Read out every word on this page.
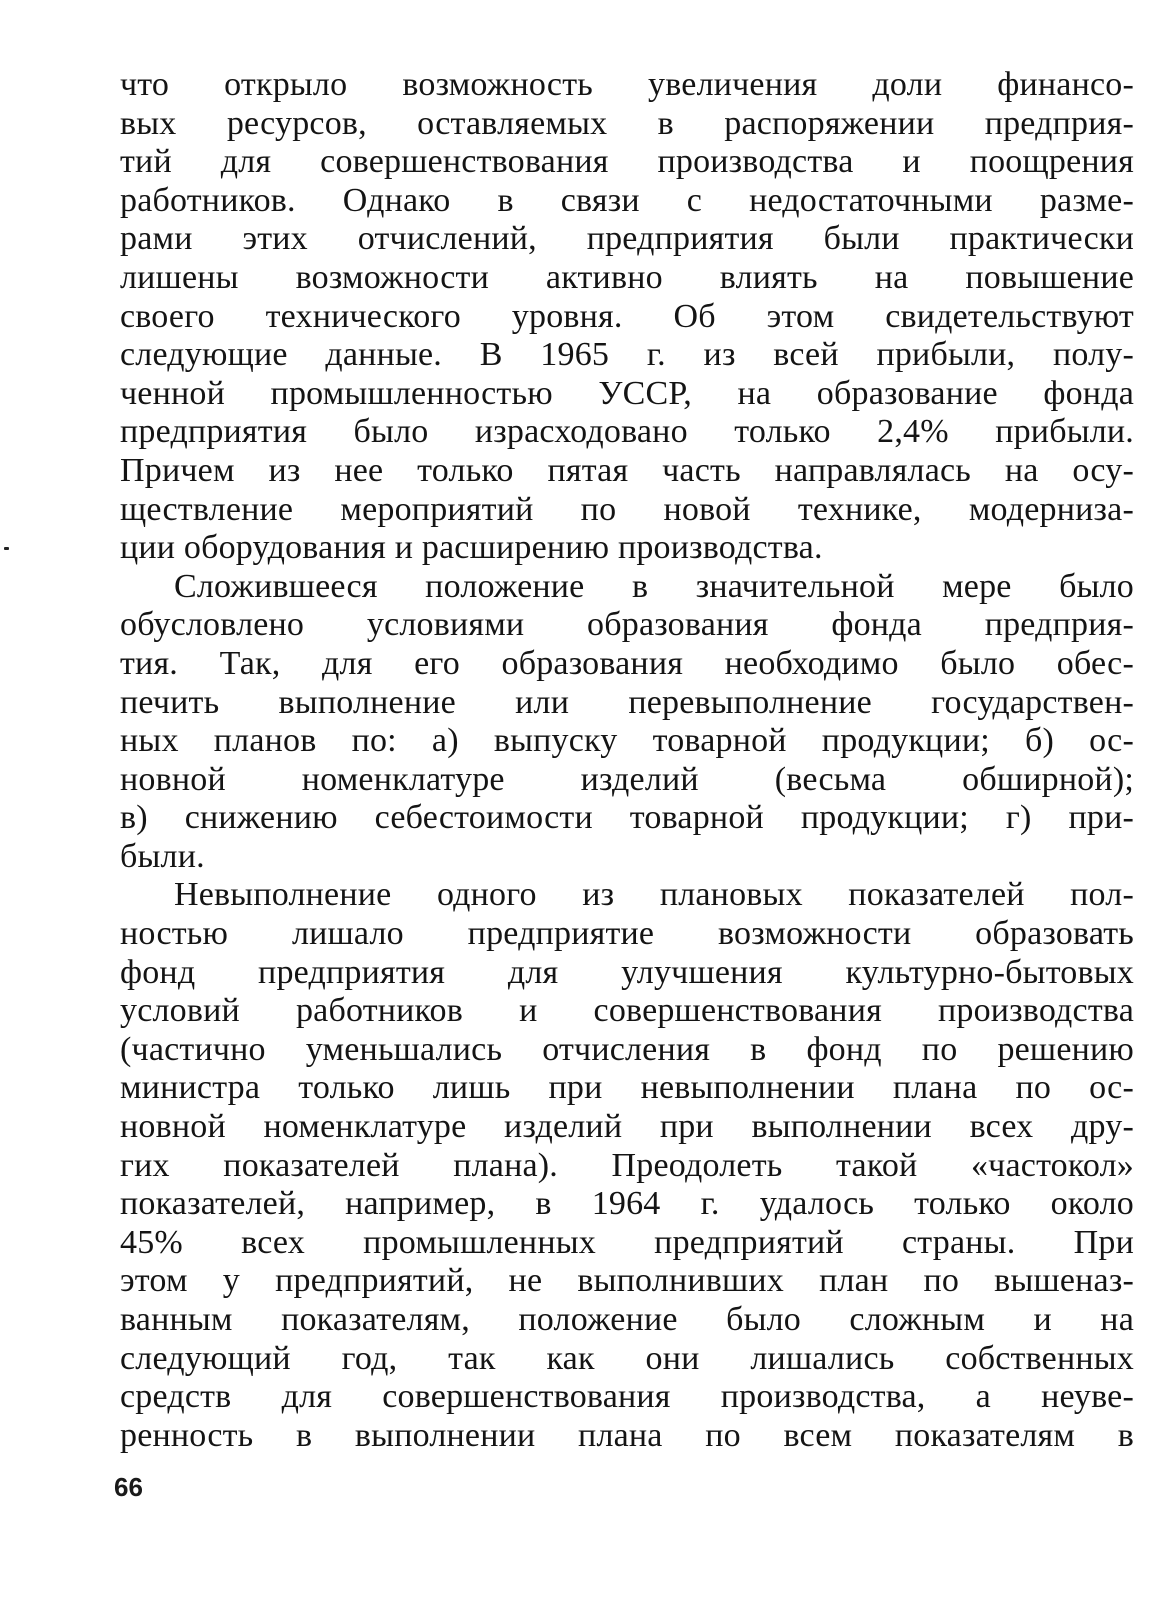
что открыло возможность увеличения доли финансо-
вых ресурсов, оставляемых в распоряжении предприя-
тий для совершенствования производства и поощрения
работников. Однако в связи с недостаточными разме-
рами этих отчислений, предприятия были практически
лишены возможности активно влиять на повышение
своего технического уровня. Об этом свидетельствуют
следующие данные. В 1965 г. из всей прибыли, полу-
ченной промышленностью УССР, на образование фонда
предприятия было израсходовано только 2,4% прибыли.
Причем из нее только пятая часть направлялась на осу-
ществление мероприятий по новой технике, модерниза-
ции оборудования и расширению производства.
Сложившееся положение в значительной мере было
обусловлено условиями образования фонда предприя-
тия. Так, для его образования необходимо было обес-
печить выполнение или перевыполнение государствен-
ных планов по: а) выпуску товарной продукции; б) ос-
новной номенклатуре изделий (весьма обширной);
в) снижению себестоимости товарной продукции; г) при-
были.
Невыполнение одного из плановых показателей пол-
ностью лишало предприятие возможности образовать
фонд предприятия для улучшения культурно-бытовых
условий работников и совершенствования производства
(частично уменьшались отчисления в фонд по решению
министра только лишь при невыполнении плана по ос-
новной номенклатуре изделий при выполнении всех дру-
гих показателей плана). Преодолеть такой «частокол»
показателей, например, в 1964 г. удалось только около
45% всех промышленных предприятий страны. При
этом у предприятий, не выполнивших план по вышеназ-
ванным показателям, положение было сложным и на
следующий год, так как они лишались собственных
средств для совершенствования производства, а неуве-
ренность в выполнении плана по всем показателям в
66
